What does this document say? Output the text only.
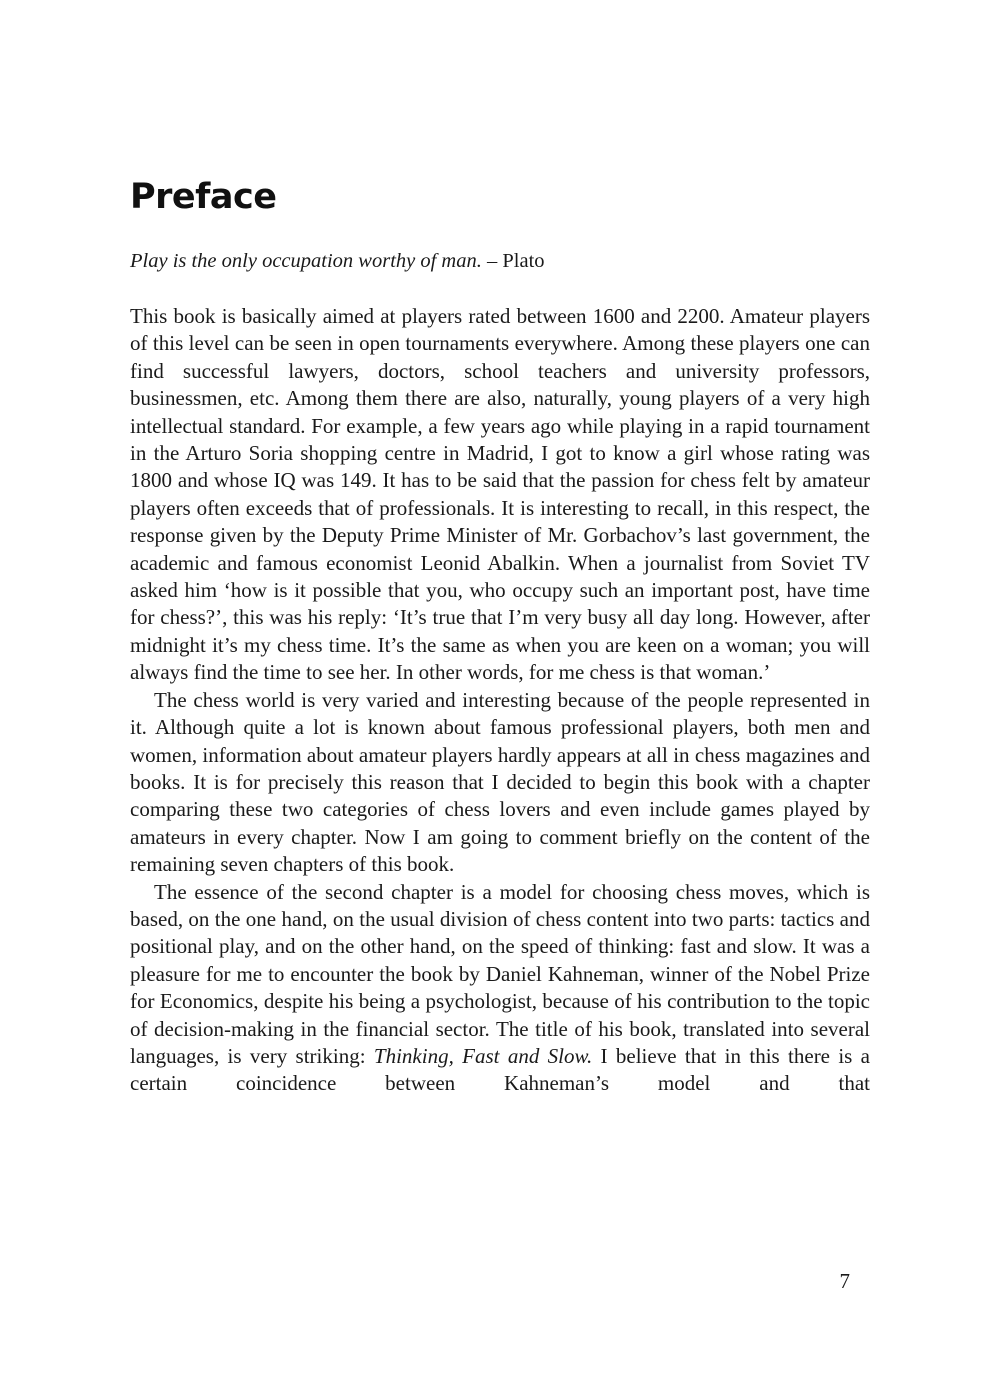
Preface

Play is the only occupation worthy of man. – Plato

This book is basically aimed at players rated between 1600 and 2200. Amateur players of this level can be seen in open tournaments everywhere. Among these players one can find successful lawyers, doctors, school teachers and university professors, businessmen, etc. Among them there are also, naturally, young players of a very high intellectual standard. For example, a few years ago while playing in a rapid tournament in the Arturo Soria shopping centre in Madrid, I got to know a girl whose rating was 1800 and whose IQ was 149. It has to be said that the passion for chess felt by amateur players often exceeds that of professionals. It is interesting to recall, in this respect, the response given by the Deputy Prime Minister of Mr. Gorbachov’s last government, the academic and famous economist Leonid Abalkin. When a journalist from Soviet TV asked him ‘how is it possible that you, who occupy such an important post, have time for chess?’, this was his reply: ‘It’s true that I’m very busy all day long. However, after midnight it’s my chess time. It’s the same as when you are keen on a woman; you will always find the time to see her. In other words, for me chess is that woman.’

The chess world is very varied and interesting because of the people represented in it. Although quite a lot is known about famous professional players, both men and women, information about amateur players hardly appears at all in chess magazines and books. It is for precisely this reason that I decided to begin this book with a chapter comparing these two categories of chess lovers and even include games played by amateurs in every chapter. Now I am going to comment briefly on the content of the remaining seven chapters of this book.

The essence of the second chapter is a model for choosing chess moves, which is based, on the one hand, on the usual division of chess content into two parts: tactics and positional play, and on the other hand, on the speed of thinking: fast and slow. It was a pleasure for me to encounter the book by Daniel Kahneman, winner of the Nobel Prize for Economics, despite his being a psychologist, because of his contribution to the topic of decision-making in the financial sector. The title of his book, translated into several languages, is very striking: Thinking, Fast and Slow. I believe that in this there is a certain coincidence between Kahneman’s model and that

7
